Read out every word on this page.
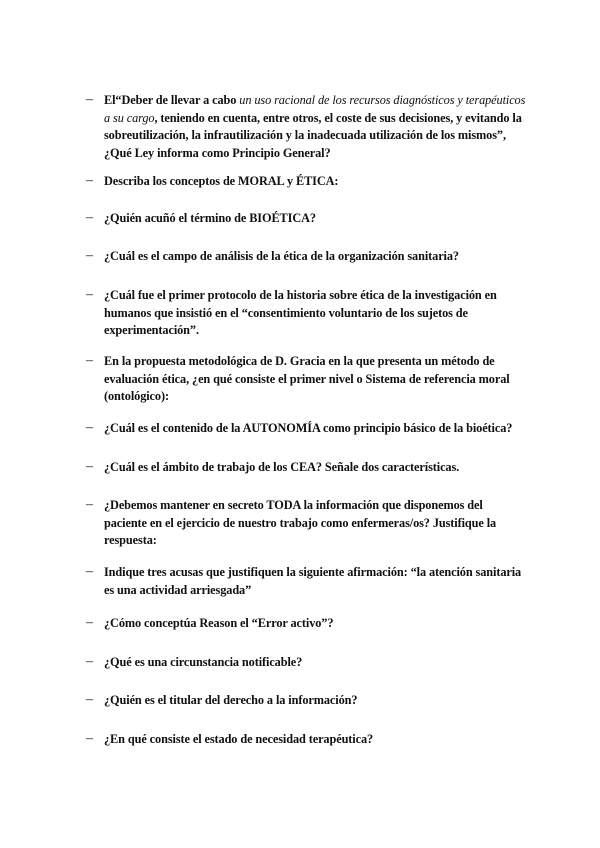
– El“Deber de llevar a cabo un uso racional de los recursos diagnósticos y terapéuticos a su cargo, teniendo en cuenta, entre otros, el coste de sus decisiones, y evitando la sobreutilización, la infrautilización y la inadecuada utilización de los mismos”, ¿Qué Ley informa como Principio General?
– Describa los conceptos de MORAL y ÉTICA:
– ¿Quién acuñó el término de BIOÉTICA?
– ¿Cuál es el campo de análisis de la ética de la organización sanitaria?
– ¿Cuál fue el primer protocolo de la historia sobre ética de la investigación en humanos que insistió en el “consentimiento voluntario de los sujetos de experimentación”.
– En la propuesta metodológica de D. Gracia en la que presenta un método de evaluación ética, ¿en qué consiste el primer nivel o Sistema de referencia moral (ontológico):
– ¿Cuál es el contenido de la AUTONOMÍA como principio básico de la bioética?
– ¿Cuál es el ámbito de trabajo de los CEA? Señale dos características.
– ¿Debemos mantener en secreto TODA la información que disponemos del paciente en el ejercicio de nuestro trabajo como enfermeras/os? Justifique la respuesta:
– Indique tres acusas que justifiquen la siguiente afirmación: “la atención sanitaria es una actividad arriesgada”
– ¿Cómo conceptúa Reason el “Error activo”?
– ¿Qué es una circunstancia notificable?
– ¿Quién es el titular del derecho a la información?
– ¿En qué consiste el estado de necesidad terapéutica?
